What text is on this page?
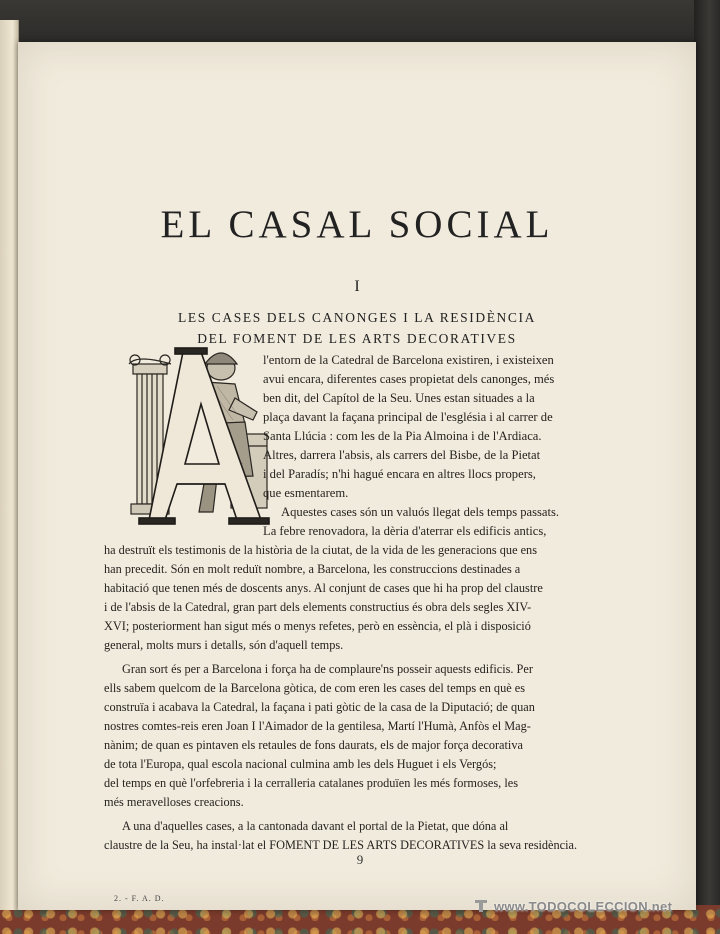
EL CASAL SOCIAL
I
LES CASES DELS CANONGES I LA RESIDÈNCIA
DEL FOMENT DE LES ARTS DECORATIVES
A
l'entorn de la Catedral de Barcelona existiren, i existeixen
avui encara, diferentes cases propietat dels canonges, més
ben dit, del Capítol de la Seu. Unes estan situades a la
plaça davant la façana principal de l'església i al carrer de
Santa Llúcia : com les de la Pia Almoina i de l'Ardiaca.
Altres, darrera l'absis, als carrers del Bisbe, de la Pietat
i del Paradís; n'hi hagué encara en altres llocs propers,
que esmentarem.
Aquestes cases són un valuós llegat dels temps passats.
La febre renovadora, la dèria d'aterrar els edificis antics,
ha destruït els testimonis de la història de la ciutat, de la vida de les generacions que ens
han precedit. Són en molt reduït nombre, a Barcelona, les construccions destinades a
habitació que tenen més de doscents anys. Al conjunt de cases que hi ha prop del claustre
i de l'absis de la Catedral, gran part dels elements constructius és obra dels segles XIV-
XVI; posteriorment han sigut més o menys refetes, però en essència, el plà i disposició
general, molts murs i detalls, són d'aquell temps.
Gran sort és per a Barcelona i força ha de complaure'ns posseir aquests edificis. Per
ells sabem quelcom de la Barcelona gòtica, de com eren les cases del temps en què es
construïa i acabava la Catedral, la façana i pati gòtic de la casa de la Diputació; de quan
nostres comtes-reis eren Joan I l'Aimador de la gentilesa, Martí l'Humà, Anfòs el Mag-
nànim; de quan es pintaven els retaules de fons daurats, els de major força decorativa
de tota l'Europa, qual escola nacional culmina amb les dels Huguet i els Vergós;
del temps en què l'orfebreria i la cerralleria catalanes produïen les més formoses, les
més meravelloses creacions.
A una d'aquelles cases, a la cantonada davant el portal de la Pietat, que dóna al
claustre de la Seu, ha instal·lat el FOMENT DE LES ARTS DECORATIVES la seva residència.
2. - F. A. D.
9
www.TODOCOLECCION.net
